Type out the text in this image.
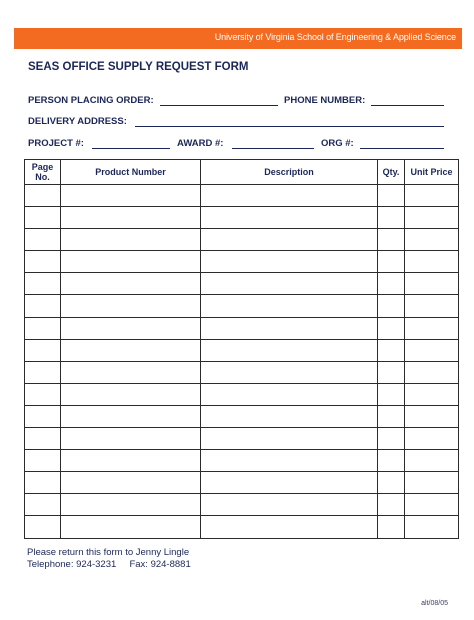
University of Virginia School of Engineering & Applied Science
SEAS OFFICE SUPPLY REQUEST FORM
PERSON PLACING ORDER:	PHONE NUMBER:
DELIVERY ADDRESS:
PROJECT #:	AWARD #:	ORG #:
Page No.	Product Number	Description	Qty.	Unit Price

Please return this form to Jenny Lingle
Telephone: 924-3231     Fax: 924-8881
alt/08/05
